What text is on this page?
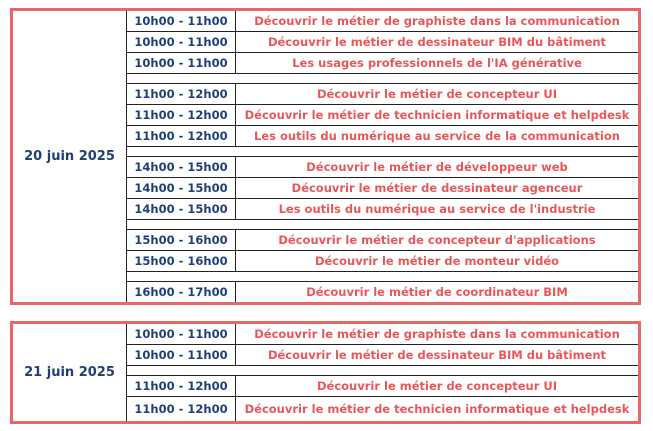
20 juin 2025
10h00 - 11h00	Découvrir le métier de graphiste dans la communication
10h00 - 11h00	Découvrir le métier de dessinateur BIM du bâtiment
10h00 - 11h00	Les usages professionnels de l'IA générative
11h00 - 12h00	Découvrir le métier de concepteur UI
11h00 - 12h00	Découvrir le métier de technicien informatique et helpdesk
11h00 - 12h00	Les outils du numérique au service de la communication
14h00 - 15h00	Découvrir le métier de développeur web
14h00 - 15h00	Découvrir le métier de dessinateur agenceur
14h00 - 15h00	Les outils du numérique au service de l'industrie
15h00 - 16h00	Découvrir le métier de concepteur d'applications
15h00 - 16h00	Découvrir le métier de monteur vidéo
16h00 - 17h00	Découvrir le métier de coordinateur BIM
21 juin 2025
10h00 - 11h00	Découvrir le métier de graphiste dans la communication
10h00 - 11h00	Découvrir le métier de dessinateur BIM du bâtiment
11h00 - 12h00	Découvrir le métier de concepteur UI
11h00 - 12h00	Découvrir le métier de technicien informatique et helpdesk
